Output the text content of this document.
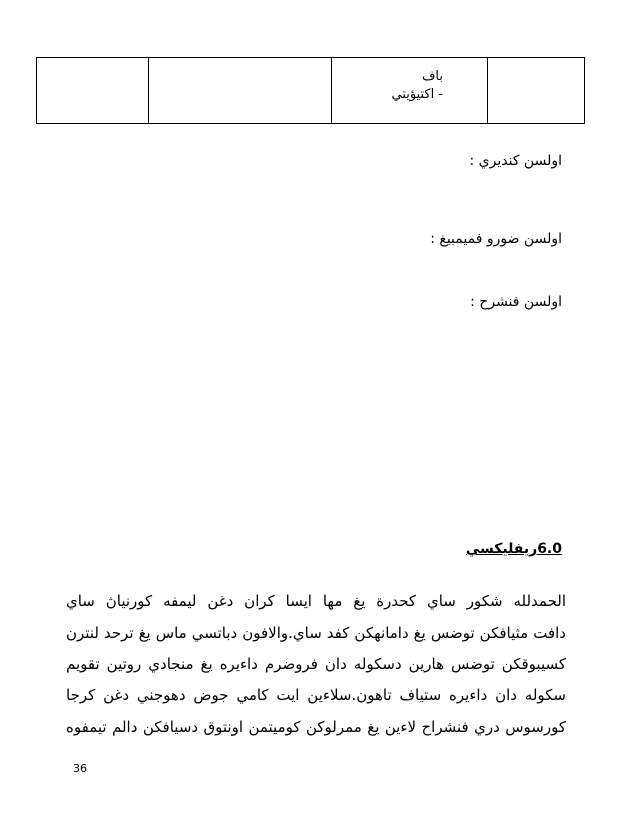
باف
- اكتيؤيتي

اولسن كنديري :
اولسن ضورو فميمبيغ :
اولسن فنشرح :
6.0ريفليكسي
الحمدلله شكور ساي كحدرة يغ مها ايسا كران دغن ليمفه كورنياڽ ساي
دافت مثيافكن توضس يغ دامانهكن كفد ساي.والافون دباتسي ماس يغ ترحد لنترن
كسيبوقكن توضس هارين دسكوله دان فروضرم داءيره يغ منجادي روتين تقويم
سكوله دان داءيره ستياف تاهون.سلاءين ايت كامي جوض دهوجني دغن كرجا
كورسوس دري فنشراح لاءين يغ ممرلوكن كوميتمن اونتوق دسيافكن دالم تيمفوه
36
